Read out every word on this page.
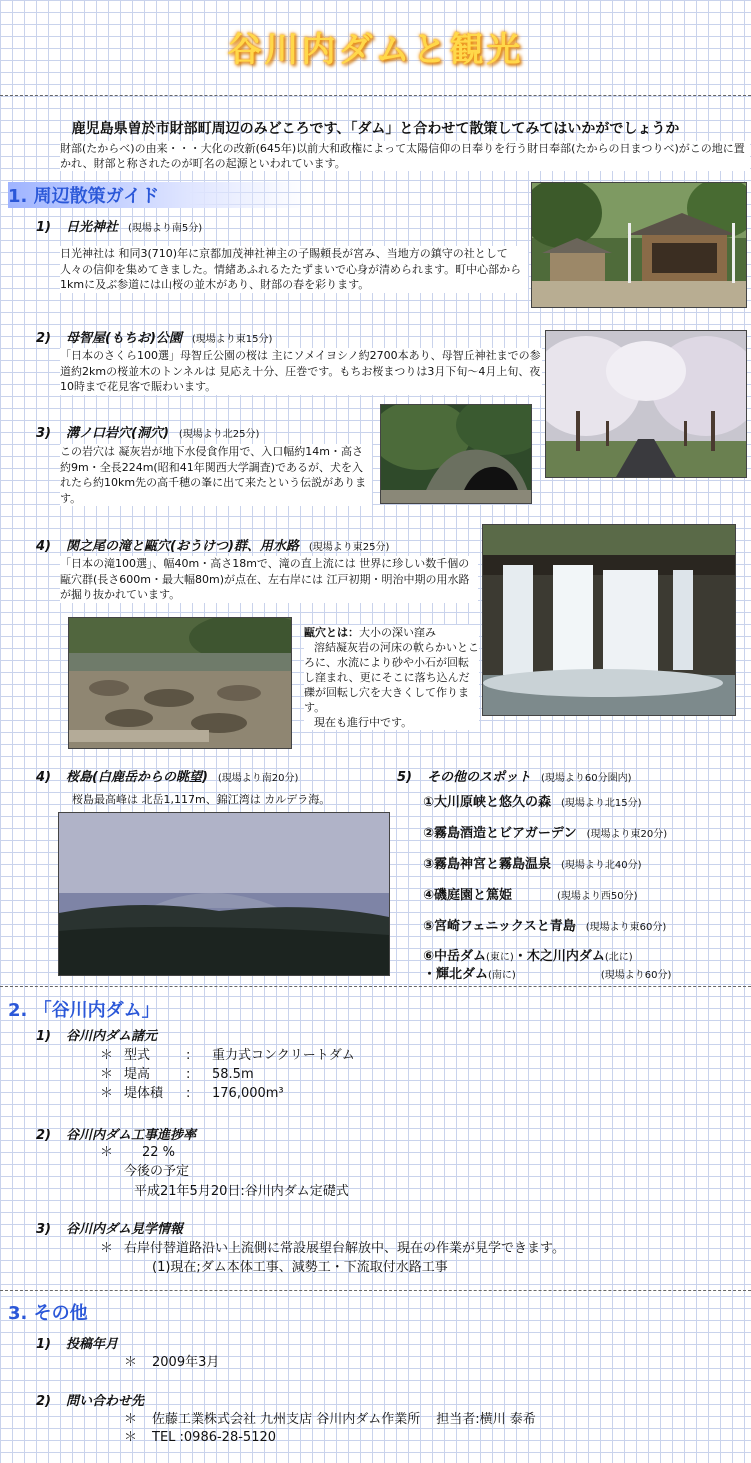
谷川内ダムと観光
鹿児島県曽於市財部町周辺のみどころです、「ダム」と合わせて散策してみてはいかがでしょうか
財部(たからべ)の由来・・・大化の改新(645年)以前大和政権によって太陽信仰の日奉りを行う財日奉部(たからの日まつりべ)がこの地に置かれ、財部と称されたのが町名の起源といわれています。
1. 周辺散策ガイド
1) 日光神社 (現場より南5分)
日光神社は 和同3(710)年に京都加茂神社神主の子賜頼長が宮み、当地方の鎮守の社として人々の信仰を集めてきました。情緒あふれるたたずまいで心身が清められます。町中心部から1kmに及ぶ参道には山桜の並木があり、財部の春を彩ります。
2) 母智屋(もちお)公園 (現場より東15分)
「日本のさくら100選」母智丘公園の桜は 主にソメイヨシノ約2700本あり、母智丘神社までの参道約2kmの桜並木のトンネルは 見応え十分、圧巻です。もちお桜まつりは3月下旬〜4月上旬、夜10時まで花見客で賑わいます。
3) 溝ノ口岩穴(洞穴) (現場より北25分)
この岩穴は 凝灰岩が地下水侵食作用で、入口幅約14m・高さ約9m・全長224m(昭和41年関西大学調査)であるが、犬を入れたら約10km先の高千穂の峯に出て来たという伝説があります。
4) 関之尾の滝と甌穴(おうけつ)群、用水路 (現場より東25分)
「日本の滝100選」、幅40m・高さ18mで、滝の直上流には 世界に珍しい数千個の甌穴群(長さ600m・最大幅80m)が点在、左右岸には 江戸初期・明治中期の用水路が掘り抜かれています。
甌穴とは：大小の深い窪み
溶結凝灰岩の河床の軟らかいところに、水流により砂や小石が回転し窪まれ、更にそこに落ち込んだ礫が回転し穴を大きくして作ります。
現在も進行中です。
4) 桜島(白鹿岳からの眺望) (現場より南20分)
桜島最高峰は 北岳1,117m、錦江湾は カルデラ海。
5) その他のスポット (現場より60分圏内)
①大川原峡と悠久の森 (現場より北15分)
②霧島酒造とビアガーデン (現場より東20分)
③霧島神宮と霧島温泉 (現場より北40分)
④磯庭園と篤姫	(現場より西50分)
⑤宮崎フェニックスと青島 (現場より東60分)
⑥中岳ダム(東に)・木之川内ダム(北に)
・輝北ダム(南に)	(現場より60分)
2. 「谷川内ダム」
1) 谷川内ダム諸元
＊ 型式	: 重力式コンクリートダム
＊ 堤高	: 58.5m
＊ 堤体積 : 176,000m³
2) 谷川内ダム工事進捗率
＊ 22 %
今後の予定
平成21年5月20日:谷川内ダム定礎式
3) 谷川内ダム見学情報
＊ 右岸付替道路沿い上流側に常設展望台解放中、現在の作業が見学できます。
(1)現在;ダム本体工事、減勢工・下流取付水路工事
3. その他
1) 投稿年月
＊ 2009年3月
2) 問い合わせ先
＊ 佐藤工業株式会社 九州支店 谷川内ダム作業所 担当者:横川 泰希
＊ TEL :0986-28-5120
